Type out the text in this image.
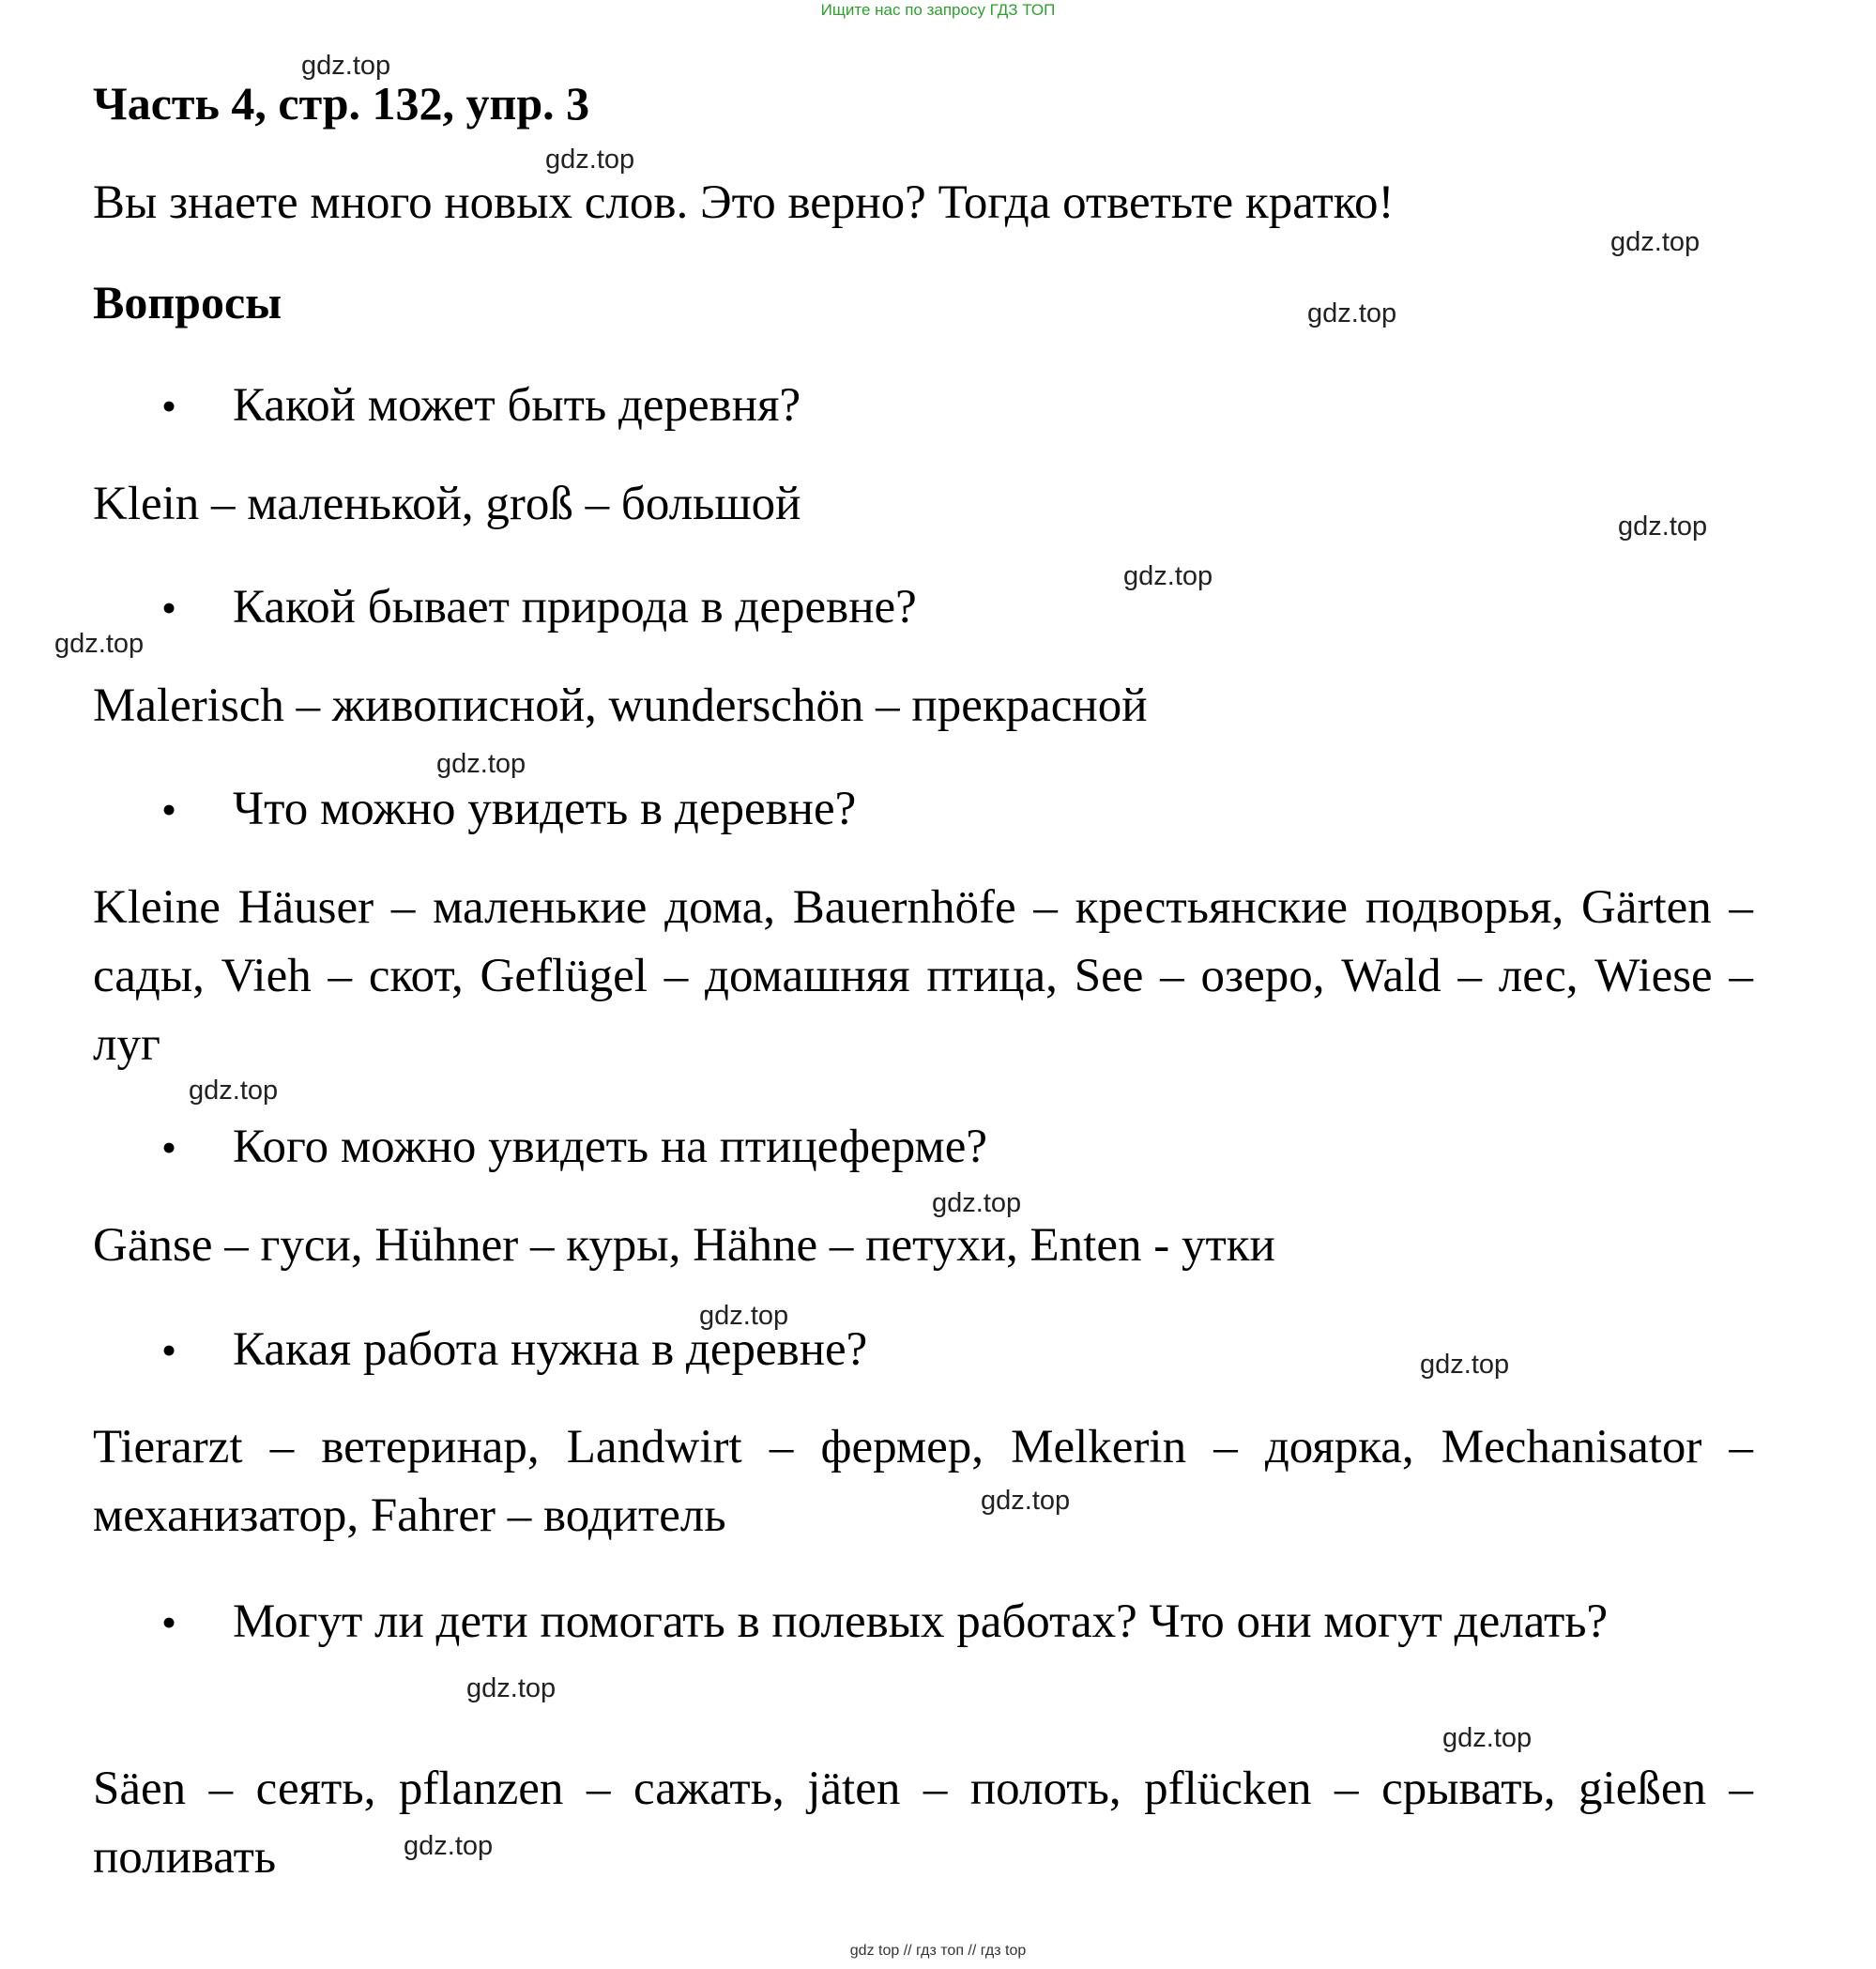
Ищите нас по запросу ГДЗ ТОП
Часть 4, стр. 132, упр. 3

Вы знаете много новых слов. Это верно? Тогда ответьте кратко!

Вопросы
• Какой может быть деревня?

Klein – маленькой, groß – большой

• Какой бывает природа в деревне?

Malerisch – живописной, wunderschön – прекрасной

• Что можно увидеть в деревне?

Kleine Häuser – маленькие дома, Bauernhöfe – крестьянские подворья, Gärten – сады, Vieh – скот, Geflügel – домашняя птица, See – озеро, Wald – лес, Wiese – луг

• Кого можно увидеть на птицеферме?

Gänse – гуси, Hühner – куры, Hähne – петухи, Enten - утки

• Какая работа нужна в деревне?

Tierarzt – ветеринар, Landwirt – фермер, Melkerin – доярка, Mechanisator – механизатор, Fahrer – водитель

• Могут ли дети помогать в полевых работах? Что они могут делать?

Säen – сеять, pflanzen – сажать, jäten – полоть, pflücken – срывать, gießen – поливать

gdz.top
gdz.top
gdz.top
gdz.top
gdz.top
gdz.top
gdz.top
gdz.top
gdz.top
gdz.top
gdz.top
gdz.top
gdz.top
gdz.top
gdz.top
gdz.top
gdz top // гдз топ // гдз top
